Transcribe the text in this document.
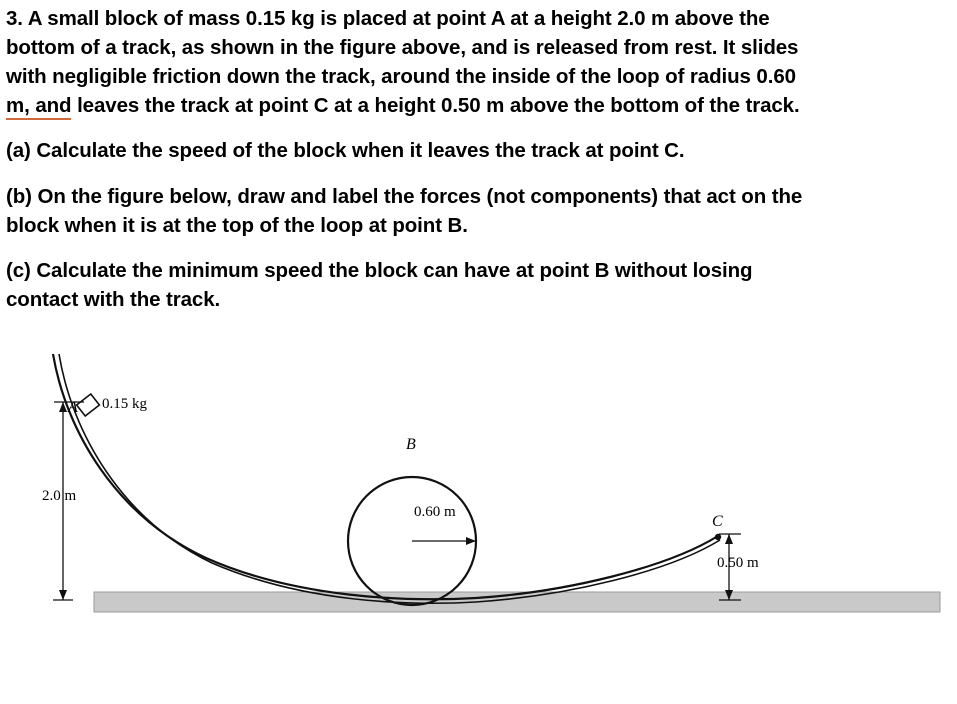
3. A small block of mass 0.15 kg is placed at point A at a height 2.0 m above the
bottom of a track, as shown in the figure above, and is released from rest. It slides
with negligible friction down the track, around the inside of the loop of radius 0.60
m, and leaves the track at point C at a height 0.50 m above the bottom of the track.
(a) Calculate the speed of the block when it leaves the track at point C.
(b) On the figure below, draw and label the forces (not components) that act on the
block when it is at the top of the loop at point B.
(c) Calculate the minimum speed the block can have at point B without losing
contact with the track.
A 0.15 kg
B
0.60 m
C
2.0 m
0.50 m
